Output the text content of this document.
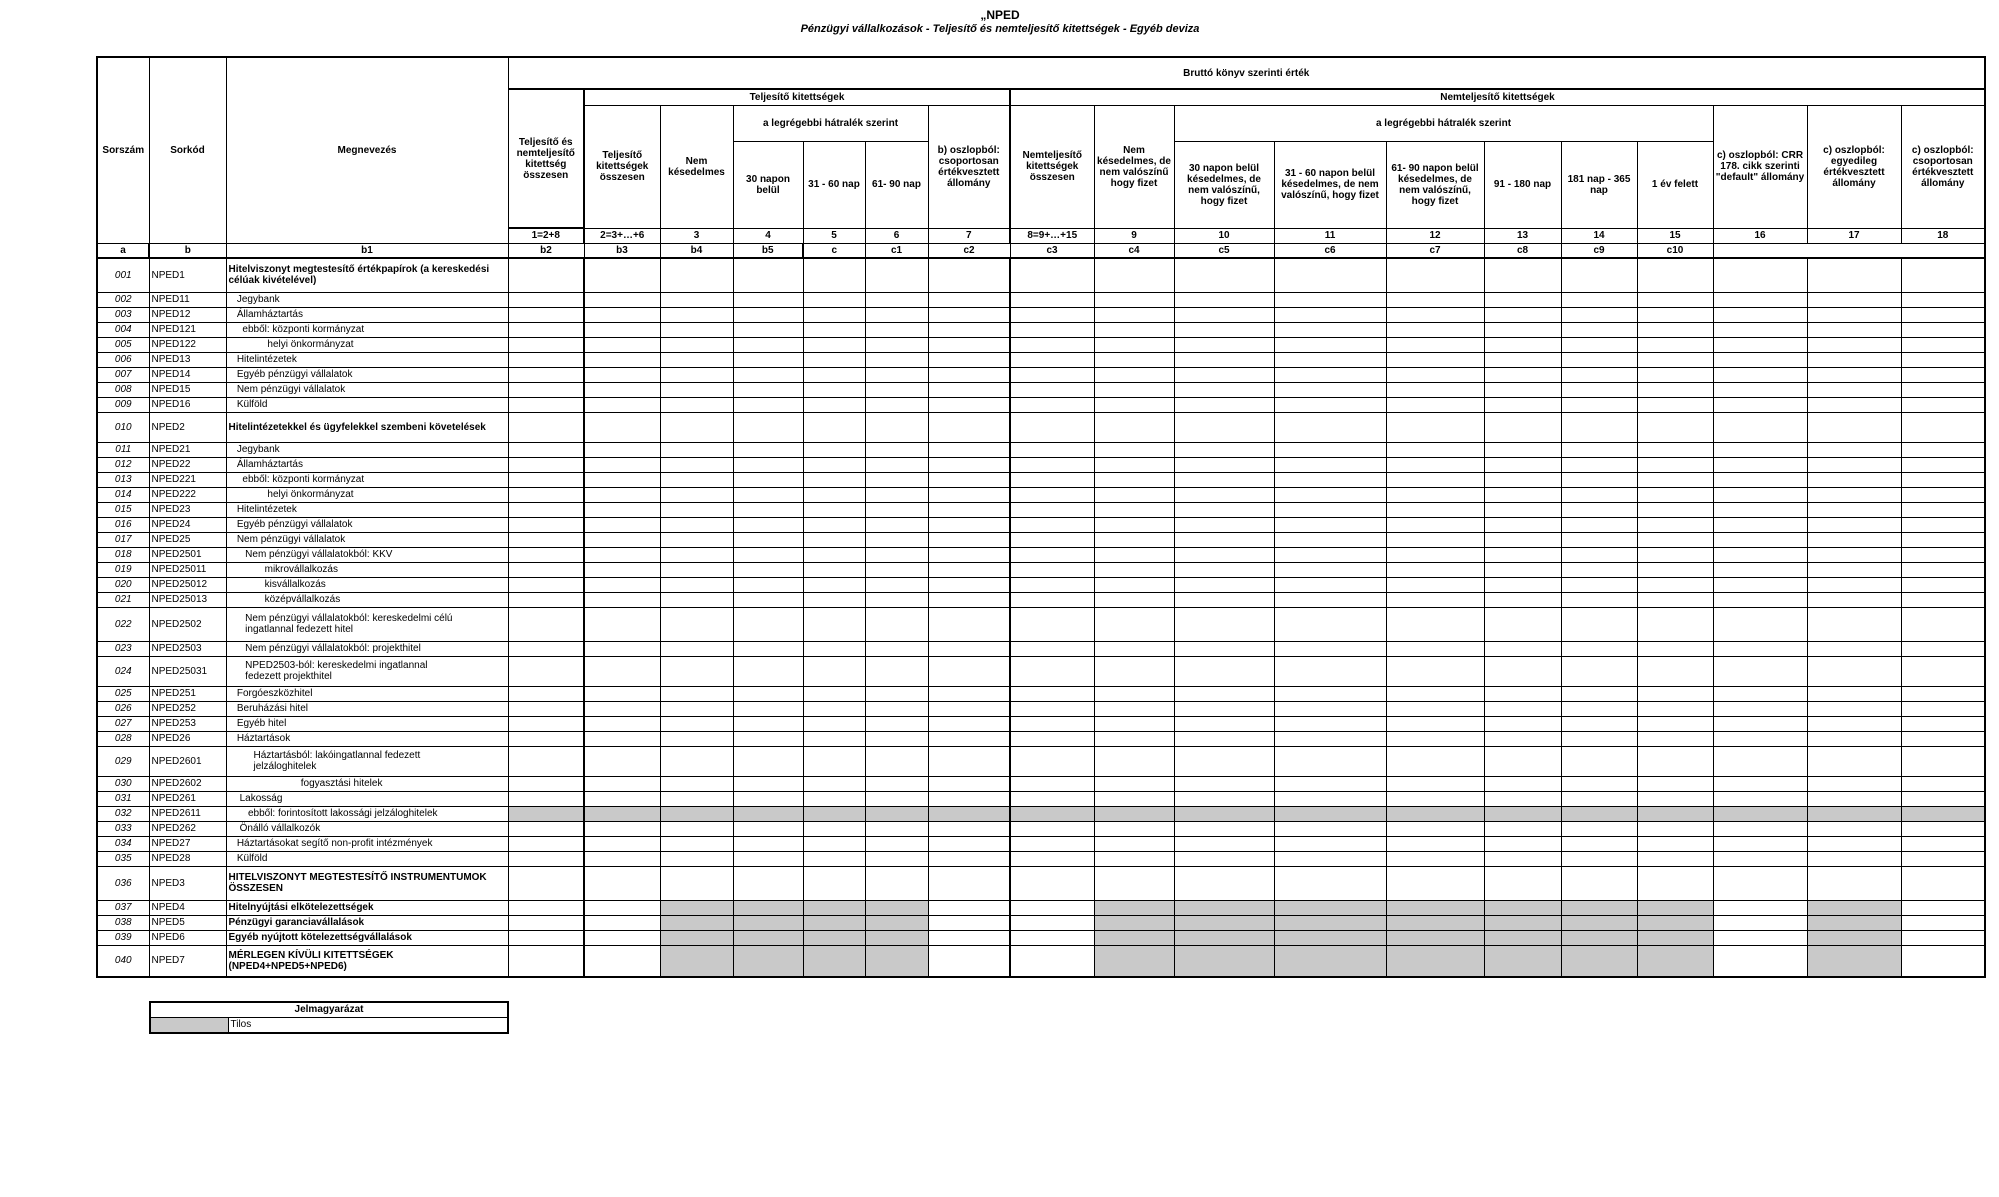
„NPED
Pénzügyi vállalkozások - Teljesítő és nemteljesítő kitettségek - Egyéb deviza
Sorszám	Sorkód	Megnevezés	Bruttó könyv szerinti érték																	
			Teljesítő és nemteljesítő kitettség összesen	Teljesítő kitettségek						Nemteljesítő kitettségek										
				Teljesítő kitettségek összesen	Nem késedelmes	a legrégebbi hátralék szerint			b) oszlopból: csoportosan értékvesztett állomány	Nemteljesítő kitettségek összesen	Nem késedelmes, de nem valószínű hogy fizet	a legrégebbi hátralék szerint						c) oszlopból: CRR 178. cikk szerinti "default" állomány	c) oszlopból: egyedileg értékvesztett állomány	c) oszlopból: csoportosan értékvesztett állomány
						30 napon belül	31 - 60 nap	61- 90 nap				30 napon belül késedelmes, de nem valószínű, hogy fizet	31 - 60 napon belül késedelmes, de nem valószínű, hogy fizet	61- 90 napon belül késedelmes, de nem valószínű, hogy fizet	91 - 180 nap	181 nap - 365 nap	1 év felett			
			1=2+8	2=3+…+6	3	4	5	6	7	8=9+…+15	9	10	11	12	13	14	15	16	17	18
a	b	b1	b2	b3	b4	b5	c	c1	c2	c3	c4	c5	c6	c7	c8	c9	c10			
001	NPED1	Hitelviszonyt megtestesítő értékpapírok (a kereskedési célúak kivételével)																		
002	NPED11	Jegybank																		
003	NPED12	Államháztartás																		
004	NPED121	ebből: központi kormányzat																		
005	NPED122	helyi önkormányzat																		
006	NPED13	Hitelintézetek																		
007	NPED14	Egyéb pénzügyi vállalatok																		
008	NPED15	Nem pénzügyi vállalatok																		
009	NPED16	Külföld																		
010	NPED2	Hitelintézetekkel és ügyfelekkel szembeni követelések																		
011	NPED21	Jegybank																		
012	NPED22	Államháztartás																		
013	NPED221	ebből: központi kormányzat																		
014	NPED222	helyi önkormányzat																		
015	NPED23	Hitelintézetek																		
016	NPED24	Egyéb pénzügyi vállalatok																		
017	NPED25	Nem pénzügyi vállalatok																		
018	NPED2501	Nem pénzügyi vállalatokból: KKV																		
019	NPED25011	mikrovállalkozás																		
020	NPED25012	kisvállalkozás																		
021	NPED25013	középvállalkozás																		
022	NPED2502	Nem pénzügyi vállalatokból: kereskedelmi célú
ingatlannal fedezett hitel																		
023	NPED2503	Nem pénzügyi vállalatokból: projekthitel																		
024	NPED25031	NPED2503-ból: kereskedelmi ingatlannal
fedezett projekthitel																		
025	NPED251	Forgóeszközhitel																		
026	NPED252	Beruházási hitel																		
027	NPED253	Egyéb hitel																		
028	NPED26	Háztartások																		
029	NPED2601	Háztartásból: lakóingatlannal fedezett
jelzáloghitelek																		
030	NPED2602	fogyasztási hitelek																		
031	NPED261	Lakosság																		
032	NPED2611	ebből: forintosított lakossági jelzáloghitelek																		
033	NPED262	Önálló vállalkozók																		
034	NPED27	Háztartásokat segítő non-profit intézmények																		
035	NPED28	Külföld																		
036	NPED3	HITELVISZONYT MEGTESTESÍTŐ INSTRUMENTUMOK ÖSSZESEN																		
037	NPED4	Hitelnyújtási elkötelezettségek																		
038	NPED5	Pénzügyi garanciavállalások																		
039	NPED6	Egyéb nyújtott kötelezettségvállalások																		
040	NPED7	MÉRLEGEN KÍVÜLI KITETTSÉGEK (NPED4+NPED5+NPED6)																		
Jelmagyarázat
	Tilos
